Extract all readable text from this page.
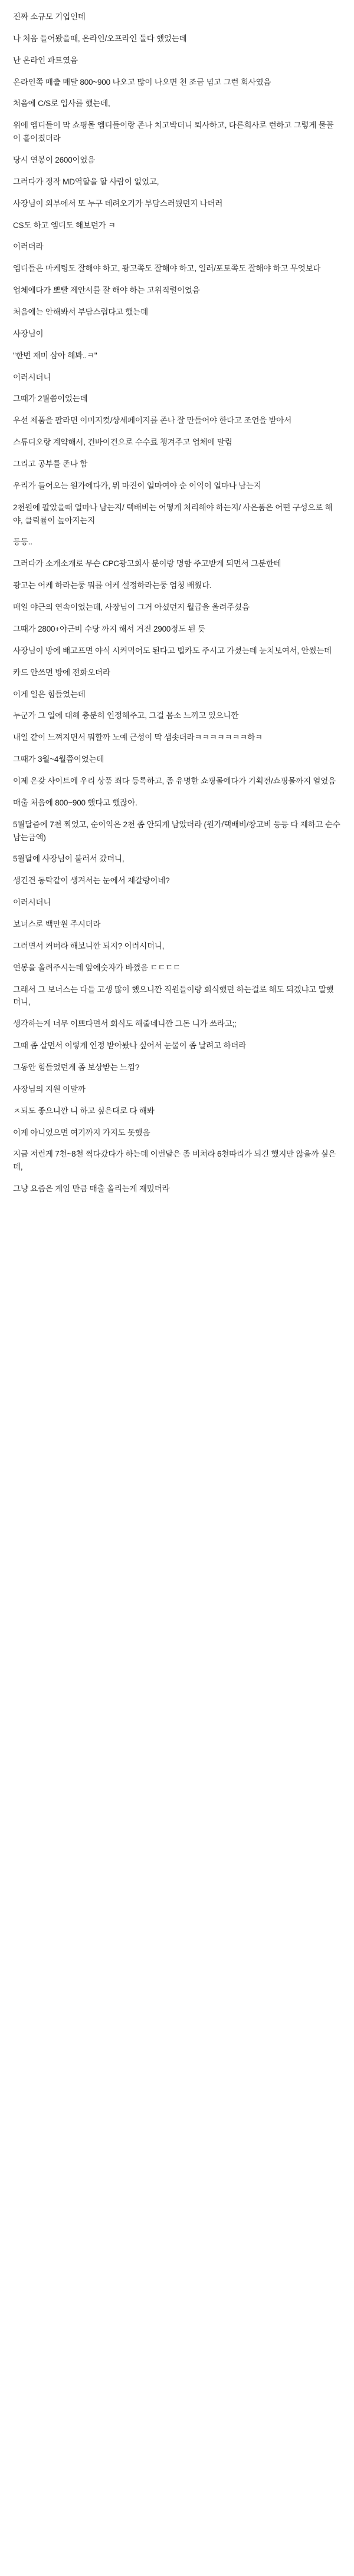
진짜 소규모 기업인데

나 처음 들어왔을때, 온라인/오프라인 둘다 했었는데

난 온라인 파트였음

온라인쪽 매출 매달 800~900 나오고 많이 나오면 천 조금 넘고 그런 회사였음

처음에 C/S로 입사를 했는데,

위에 엠디들이 막 쇼핑몰 엠디들이랑 존나 치고박더니 퇴사하고, 다른회사로 런하고 그렇게 물꼴이 흩어졌더라

당시 연봉이 2600이었음

그러다가 정작 MD역할을 할 사람이 없었고,

사장님이 외부에서 또 누구 데려오기가 부담스러웠던지 나더러

CS도 하고 엠디도 해보던가 ㅋ

이러더라

엠디들은 마케팅도 잘해야 하고, 광고쪽도 잘해야 하고, 일러/포토쪽도 잘해야 하고 무엇보다

업체에다가 뽀빨 제안서를 잘 해야 하는 고위직렬이었음

처음에는 안해봐서 부담스럽다고 했는데

사장님이

"한번 재미 삼아 해봐..ㅋ"

이러시더니

그때가 2월쯤이었는데

우선 제품을 팔라면 이미지컷/상세페이지를 존나 잘 만들어야 한다고 조언을 받아서

스튜디오랑 계약해서, 건바이건으로 수수료 챙겨주고 업체에 말림

그리고 공부를 존나 함

우리가 들어오는 원가에다가, 뭐 마진이 얼마여야 순 이익이 얼마나 남는지

2천원에 팔았을때 얼마나 남는지/ 택배비는 어떻게 처리해야 하는지/ 사은품은 어떤 구성으로 해야, 클릭률이 높아지는지

등등..

그러다가 소개소개로 무슨 CPC광고회사 분이랑 명함 주고받게 되면서 그분한테

광고는 어케 하라는둥 뭐를 어케 설정하라는둥 엄청 배웠다.

매일 야근의 연속이었는데, 사장님이 그거 아셨던지 월급을 올려주셨음

그때가 2800+야근비 수당 까지 해서 거진 2900정도 된 듯

사장님이 방에 배고프면 야식 시켜먹어도 된다고 법카도 주시고 가셨는데 눈치보여서, 안썼는데

카드 안쓰면 방에 전화오더라

이게 일은 힘들었는데

누군가 그 일에 대해 충분히 인정해주고, 그걸 몸소 느끼고 있으니깐

내일 같이 느껴지면서 뭐할까 노예 근성이 막 샘솟더라ㅋㅋㅋㅋㅋㅋㅋ하ㅋ

그때가 3월~4월쯤이었는데

이제 온갖 사이트에 우리 상품 죄다 등록하고, 좀 유명한 쇼핑몰에다가 기획전/쇼핑몰까지 열었음

매출 처음에 800~900 했다고 했잖아.

5월달즘에 7천 찍었고, 순이익은 2천 좀 안되게 남았더라 (원가/택배비/창고비 등등 다 제하고 순수 남는금액)

5월달에 사장님이 불러서 갔더니,

생긴건 동탁같이 생겨서는 눈에서 제갈량이네?

이러시더니

보너스로 백만원 주시더라

그러면서 커버라 해보니깐 되지? 이러시더니,

연봉을 올려주시는데 앞에숫자가 바꼈음 ㄷㄷㄷㄷ

그래서 그 보너스는 다들 고생 많이 했으니깐 직원들이랑 회식했던 하는걸로 해도 되겠냐고 말했더니,

생각하는게 너무 이쁘다면서 회식도 해줄네니깐 그돈 니가 쓰라고;;

그때 좀 살면서 이렇게 인정 받아봤나 싶어서 눈물이 좀 날려고 하더라

그동안 힘들었던게 좀 보상받는 느낌?

사장님의 지원 이말까

ㅈ되도 좋으니깐 니 하고 싶은대로 다 해봐

이게 아니었으면 여기까지 가지도 못했음

지금 저런게 7천~8천 찍다갔다가 하는데 이번달은 좀 비쳐라 6천따리가 되긴 했지만 않을까 싶은데,

그냥 요즘은 게임 만큼 매출 올리는게 재밌더라
